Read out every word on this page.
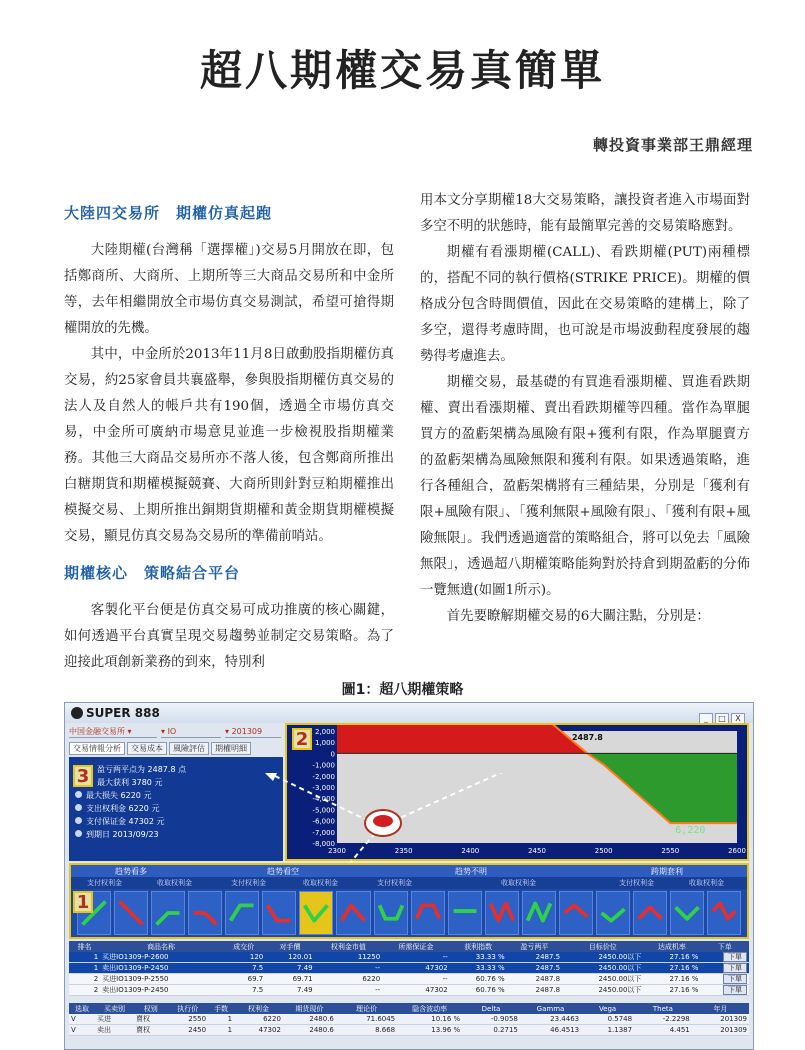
超八期權交易真簡單
轉投資事業部王鼎經理
大陸四交易所　期權仿真起跑

大陸期權(台灣稱「選擇權」)交易5月開放在即，包括鄭商所、大商所、上期所等三大商品交易所和中金所等，去年相繼開放全市場仿真交易測試，希望可搶得期權開放的先機。

其中，中金所於2013年11月8日啟動股指期權仿真交易，約25家會員共襄盛舉，參與股指期權仿真交易的法人及自然人的帳戶共有190個，透過全市場仿真交易，中金所可廣納市場意見並進一步檢視股指期權業務。其他三大商品交易所亦不落人後，包含鄭商所推出白糖期貨和期權模擬競賽、大商所則針對豆粕期權推出模擬交易、上期所推出銅期貨期權和黃金期貨期權模擬交易，顯見仿真交易為交易所的準備前哨站。

期權核心　策略結合平台

客製化平台便是仿真交易可成功推廣的核心關鍵，如何透過平台真實呈現交易趨勢並制定交易策略。為了迎接此項創新業務的到來，特別利

用本文分享期權18大交易策略，讓投資者進入市場面對多空不明的狀態時，能有最簡單完善的交易策略應對。

期權有看漲期權(CALL)、看跌期權(PUT)兩種標的，搭配不同的執行價格(STRIKE PRICE)。期權的價格成分包含時間價值，因此在交易策略的建構上，除了多空，還得考慮時間，也可說是市場波動程度發展的趨勢得考慮進去。

期權交易，最基礎的有買進看漲期權、買進看跌期權、賣出看漲期權、賣出看跌期權等四種。當作為單腿買方的盈虧架構為風險有限+獲利有限，作為單腿賣方的盈虧架構為風險無限和獲利有限。如果透過策略，進行各種組合，盈虧架構將有三種結果，分別是「獲利有限+風險有限」、「獲利無限+風險有限」、「獲利有限+風險無限」。我們透過適當的策略組合，將可以免去「風險無限」，透過超八期權策略能夠對於持倉到期盈虧的分佈一覽無遺(如圖1所示)。

首先要瞭解期權交易的6大關注點，分別是：

圖1：超八期權策略
SUPER 888	_ □ X
中国金融交易所 ▾	▾ IO	▾ 201309
交易情報分析 交易成本 風險評估 期權明細
盈亏两平点为 2487.8 点
最大获利 3780 元
最大损失 6220 元
支出权利金 6220 元
支付保证金 47302 元
到期日 2013/09/23
2,000
1,000
0
-1,000
-2,000
-3,000
-4,000
-5,000
-6,000
-7,000
-8,000
2300	2350	2400	2450	2500	2550	2600
2487.8
6,220
2
3
趋势看多	趋势看空	趋势不明	跨期套利
支付权利金	收取权利金	支付权利金	收取权利金	支付权利金	收取权利金	支付权利金	收取权利金
1
排名	商品名称	成交价	对手價	权利金市值	所需保证金	获利指数	盈亏两平	目标价位	达成机率	下单
1	买进IO1309-P-2600	120	120.01	11250	--	33.33 %	2487.5	2450.00以下	27.16 %	下單
1	卖出IO1309-P-2450	7.5	7.49	--	47302	33.33 %	2487.5	2450.00以下	27.16 %	下單
2	买进IO1309-P-2550	69.7	69.71	6220	--	60.76 %	2487.8	2450.00以下	27.16 %	下單
2	卖出IO1309-P-2450	7.5	7.49	--	47302	60.76 %	2487.8	2450.00以下	27.16 %	下單
选取	买卖别	权别	执行价	手数	权利金	期货现价	理论价	隐含波动率	Delta	Gamma	Vega	Theta	年月
V	买进	賣权	2550	1	6220	2480.6	71.6045	10.16 %	-0.9058	23.4463	0.5748	-2.2298	201309
V	卖出	賣权	2450	1	47302	2480.6	8.668	13.96 %	0.2715	46.4513	1.1387	4.451	201309
